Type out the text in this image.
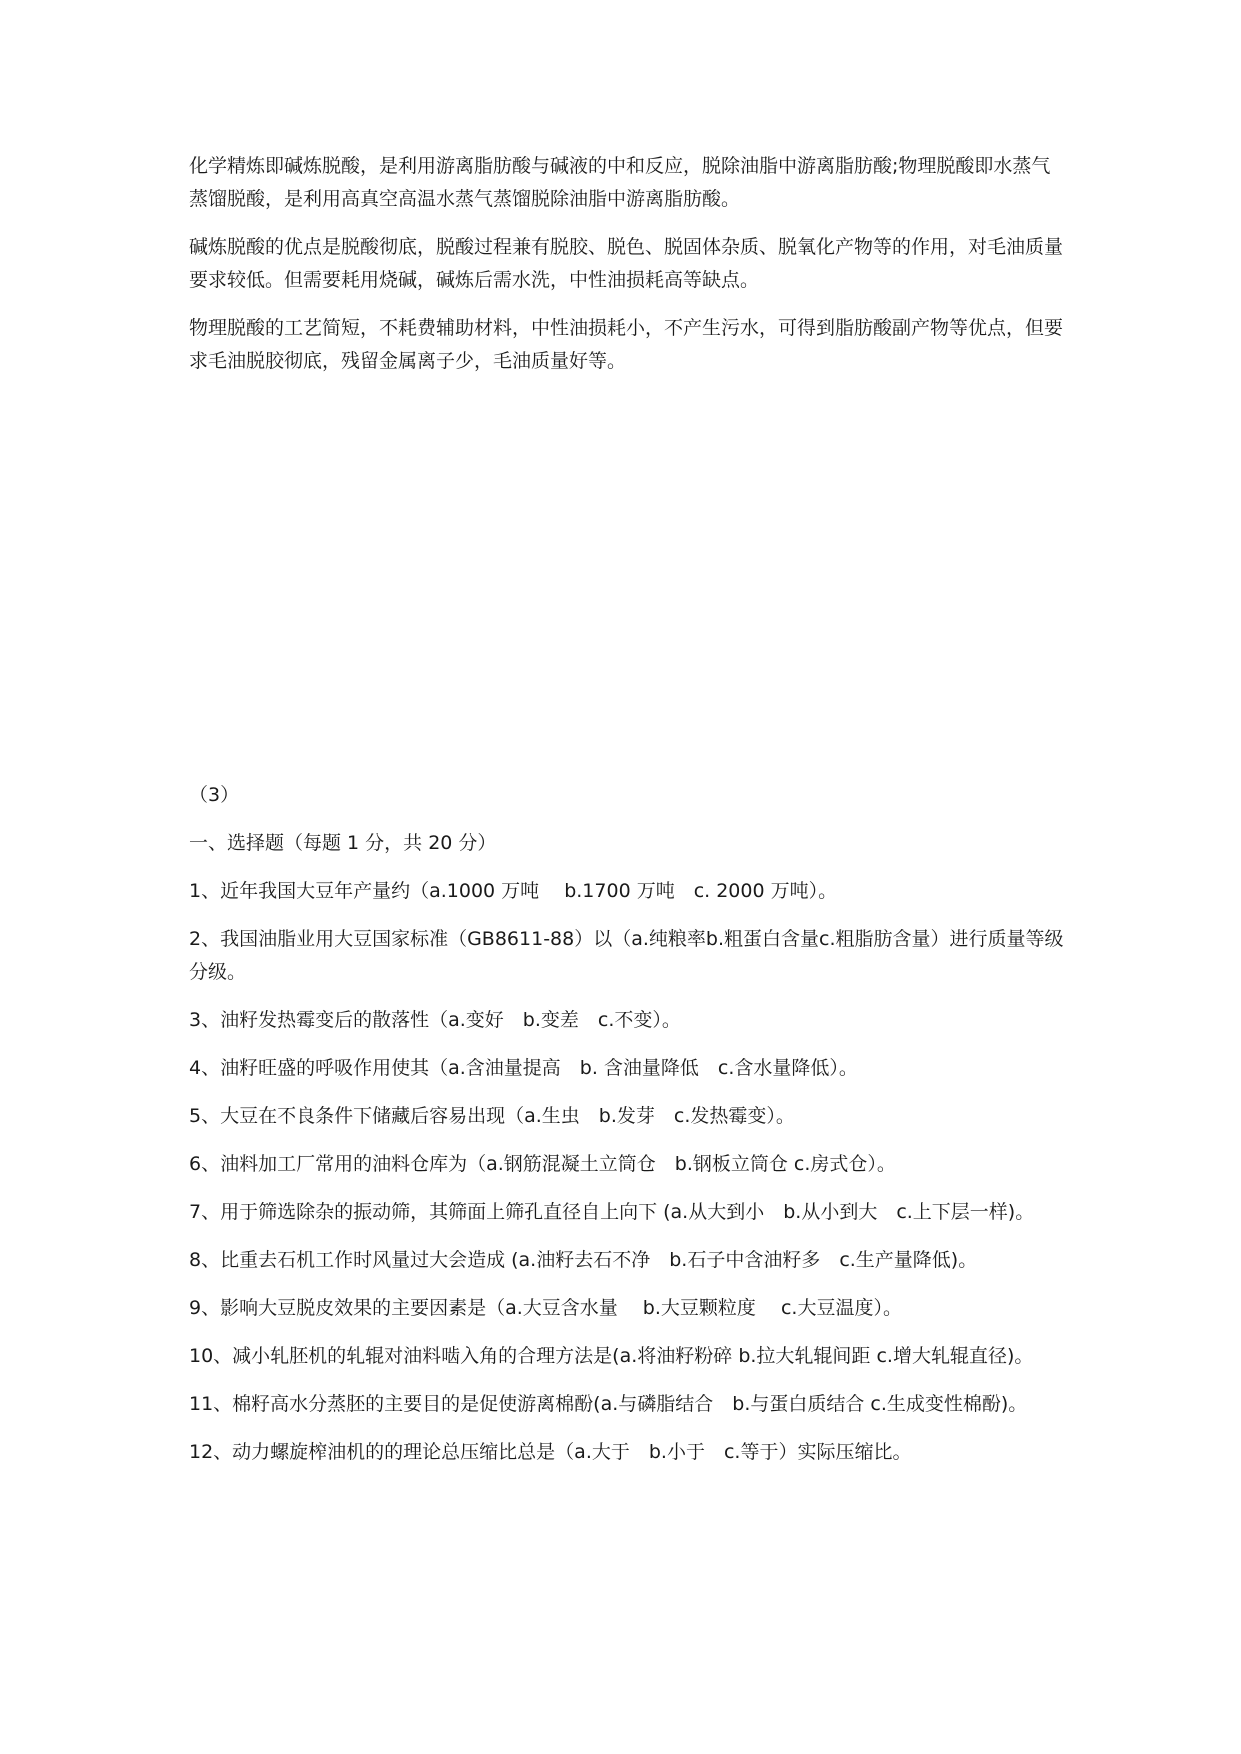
化学精炼即碱炼脱酸，是利用游离脂肪酸与碱液的中和反应，脱除油脂中游离脂肪酸;物理脱酸即水蒸气蒸馏脱酸，是利用高真空高温水蒸气蒸馏脱除油脂中游离脂肪酸。

碱炼脱酸的优点是脱酸彻底，脱酸过程兼有脱胶、脱色、脱固体杂质、脱氧化产物等的作用，对毛油质量要求较低。但需要耗用烧碱，碱炼后需水洗，中性油损耗高等缺点。

物理脱酸的工艺简短，不耗费辅助材料，中性油损耗小，不产生污水，可得到脂肪酸副产物等优点，但要求毛油脱胶彻底，残留金属离子少，毛油质量好等。

（3）
一、选择题（每题 1 分，共 20 分）
1、近年我国大豆年产量约（a.1000 万吨　 b.1700 万吨　c. 2000 万吨）。
2、我国油脂业用大豆国家标准（GB8611-88）以（a.纯粮率b.粗蛋白含量c.粗脂肪含量）进行质量等级分级。
3、油籽发热霉变后的散落性（a.变好　b.变差　c.不变）。
4、油籽旺盛的呼吸作用使其（a.含油量提高　b. 含油量降低　c.含水量降低）。
5、大豆在不良条件下储藏后容易出现（a.生虫　b.发芽　c.发热霉变）。
6、油料加工厂常用的油料仓库为（a.钢筋混凝土立筒仓　b.钢板立筒仓 c.房式仓）。
7、用于筛选除杂的振动筛，其筛面上筛孔直径自上向下 (a.从大到小　b.从小到大　c.上下层一样)。
8、比重去石机工作时风量过大会造成 (a.油籽去石不净　b.石子中含油籽多　c.生产量降低)。
9、影响大豆脱皮效果的主要因素是（a.大豆含水量　 b.大豆颗粒度　 c.大豆温度）。
10、减小轧胚机的轧辊对油料啮入角的合理方法是(a.将油籽粉碎 b.拉大轧辊间距 c.增大轧辊直径)。
11、棉籽高水分蒸胚的主要目的是促使游离棉酚(a.与磷脂结合　b.与蛋白质结合 c.生成变性棉酚)。
12、动力螺旋榨油机的的理论总压缩比总是（a.大于　b.小于　c.等于）实际压缩比。
